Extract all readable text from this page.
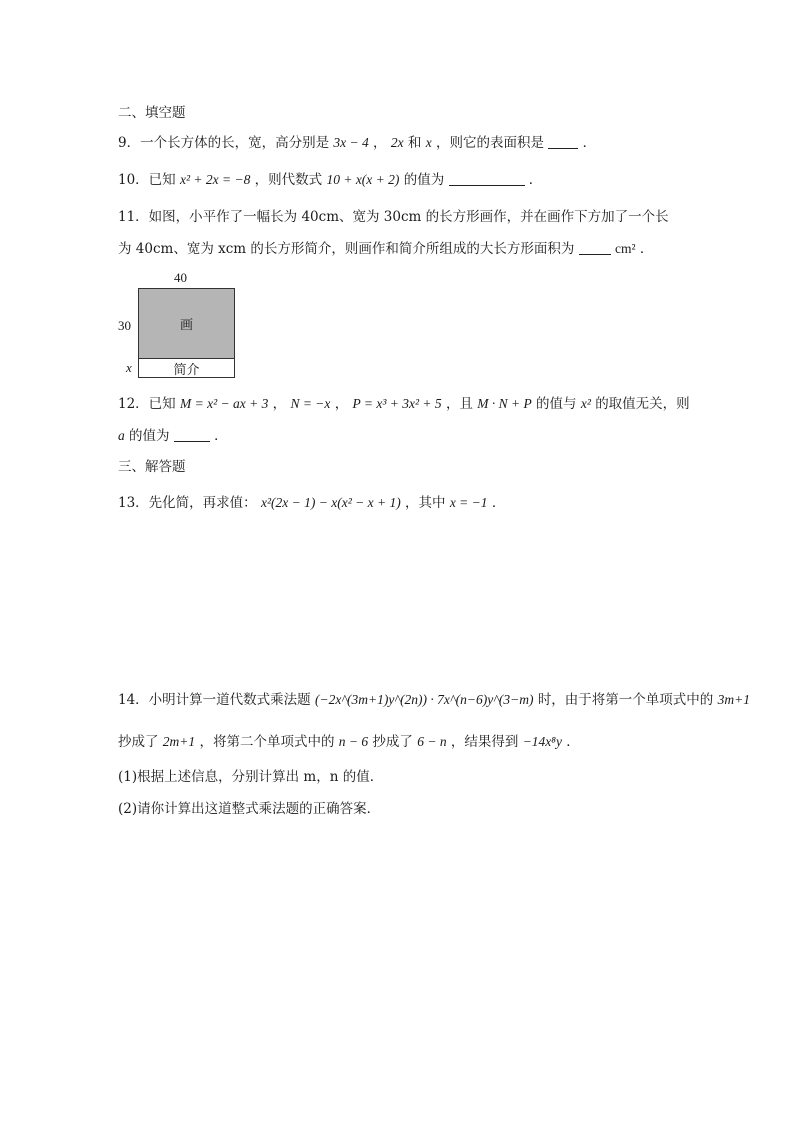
二、填空题
9．一个长方体的长，宽，高分别是 3x − 4 ， 2x 和 x ，则它的表面积是	．
10．已知 x² + 2x = −8 ，则代数式 10 + x(x + 2) 的值为	．
11．如图，小平作了一幅长为 40cm、宽为 30cm 的长方形画作，并在画作下方加了一个长
为 40cm、宽为 xcm 的长方形简介，则画作和简介所组成的大长方形面积为	cm² ．
40
30
x
画
简介
12．已知 M = x² − ax + 3 ， N = −x ， P = x³ + 3x² + 5 ，且 M · N + P 的值与 x² 的取值无关，则
a 的值为	．
三、解答题
13．先化简，再求值： x²(2x − 1) − x(x² − x + 1) ，其中 x = −1 ．
14．小明计算一道代数式乘法题 (−2x^(3m+1)y^(2n)) · 7x^(n−6)y^(3−m) 时，由于将第一个单项式中的 3m+1
抄成了 2m+1 ，将第二个单项式中的 n − 6 抄成了 6 − n ，结果得到 −14x⁸y ．
(1)根据上述信息，分别计算出 m，n 的值．
(2)请你计算出这道整式乘法题的正确答案．
